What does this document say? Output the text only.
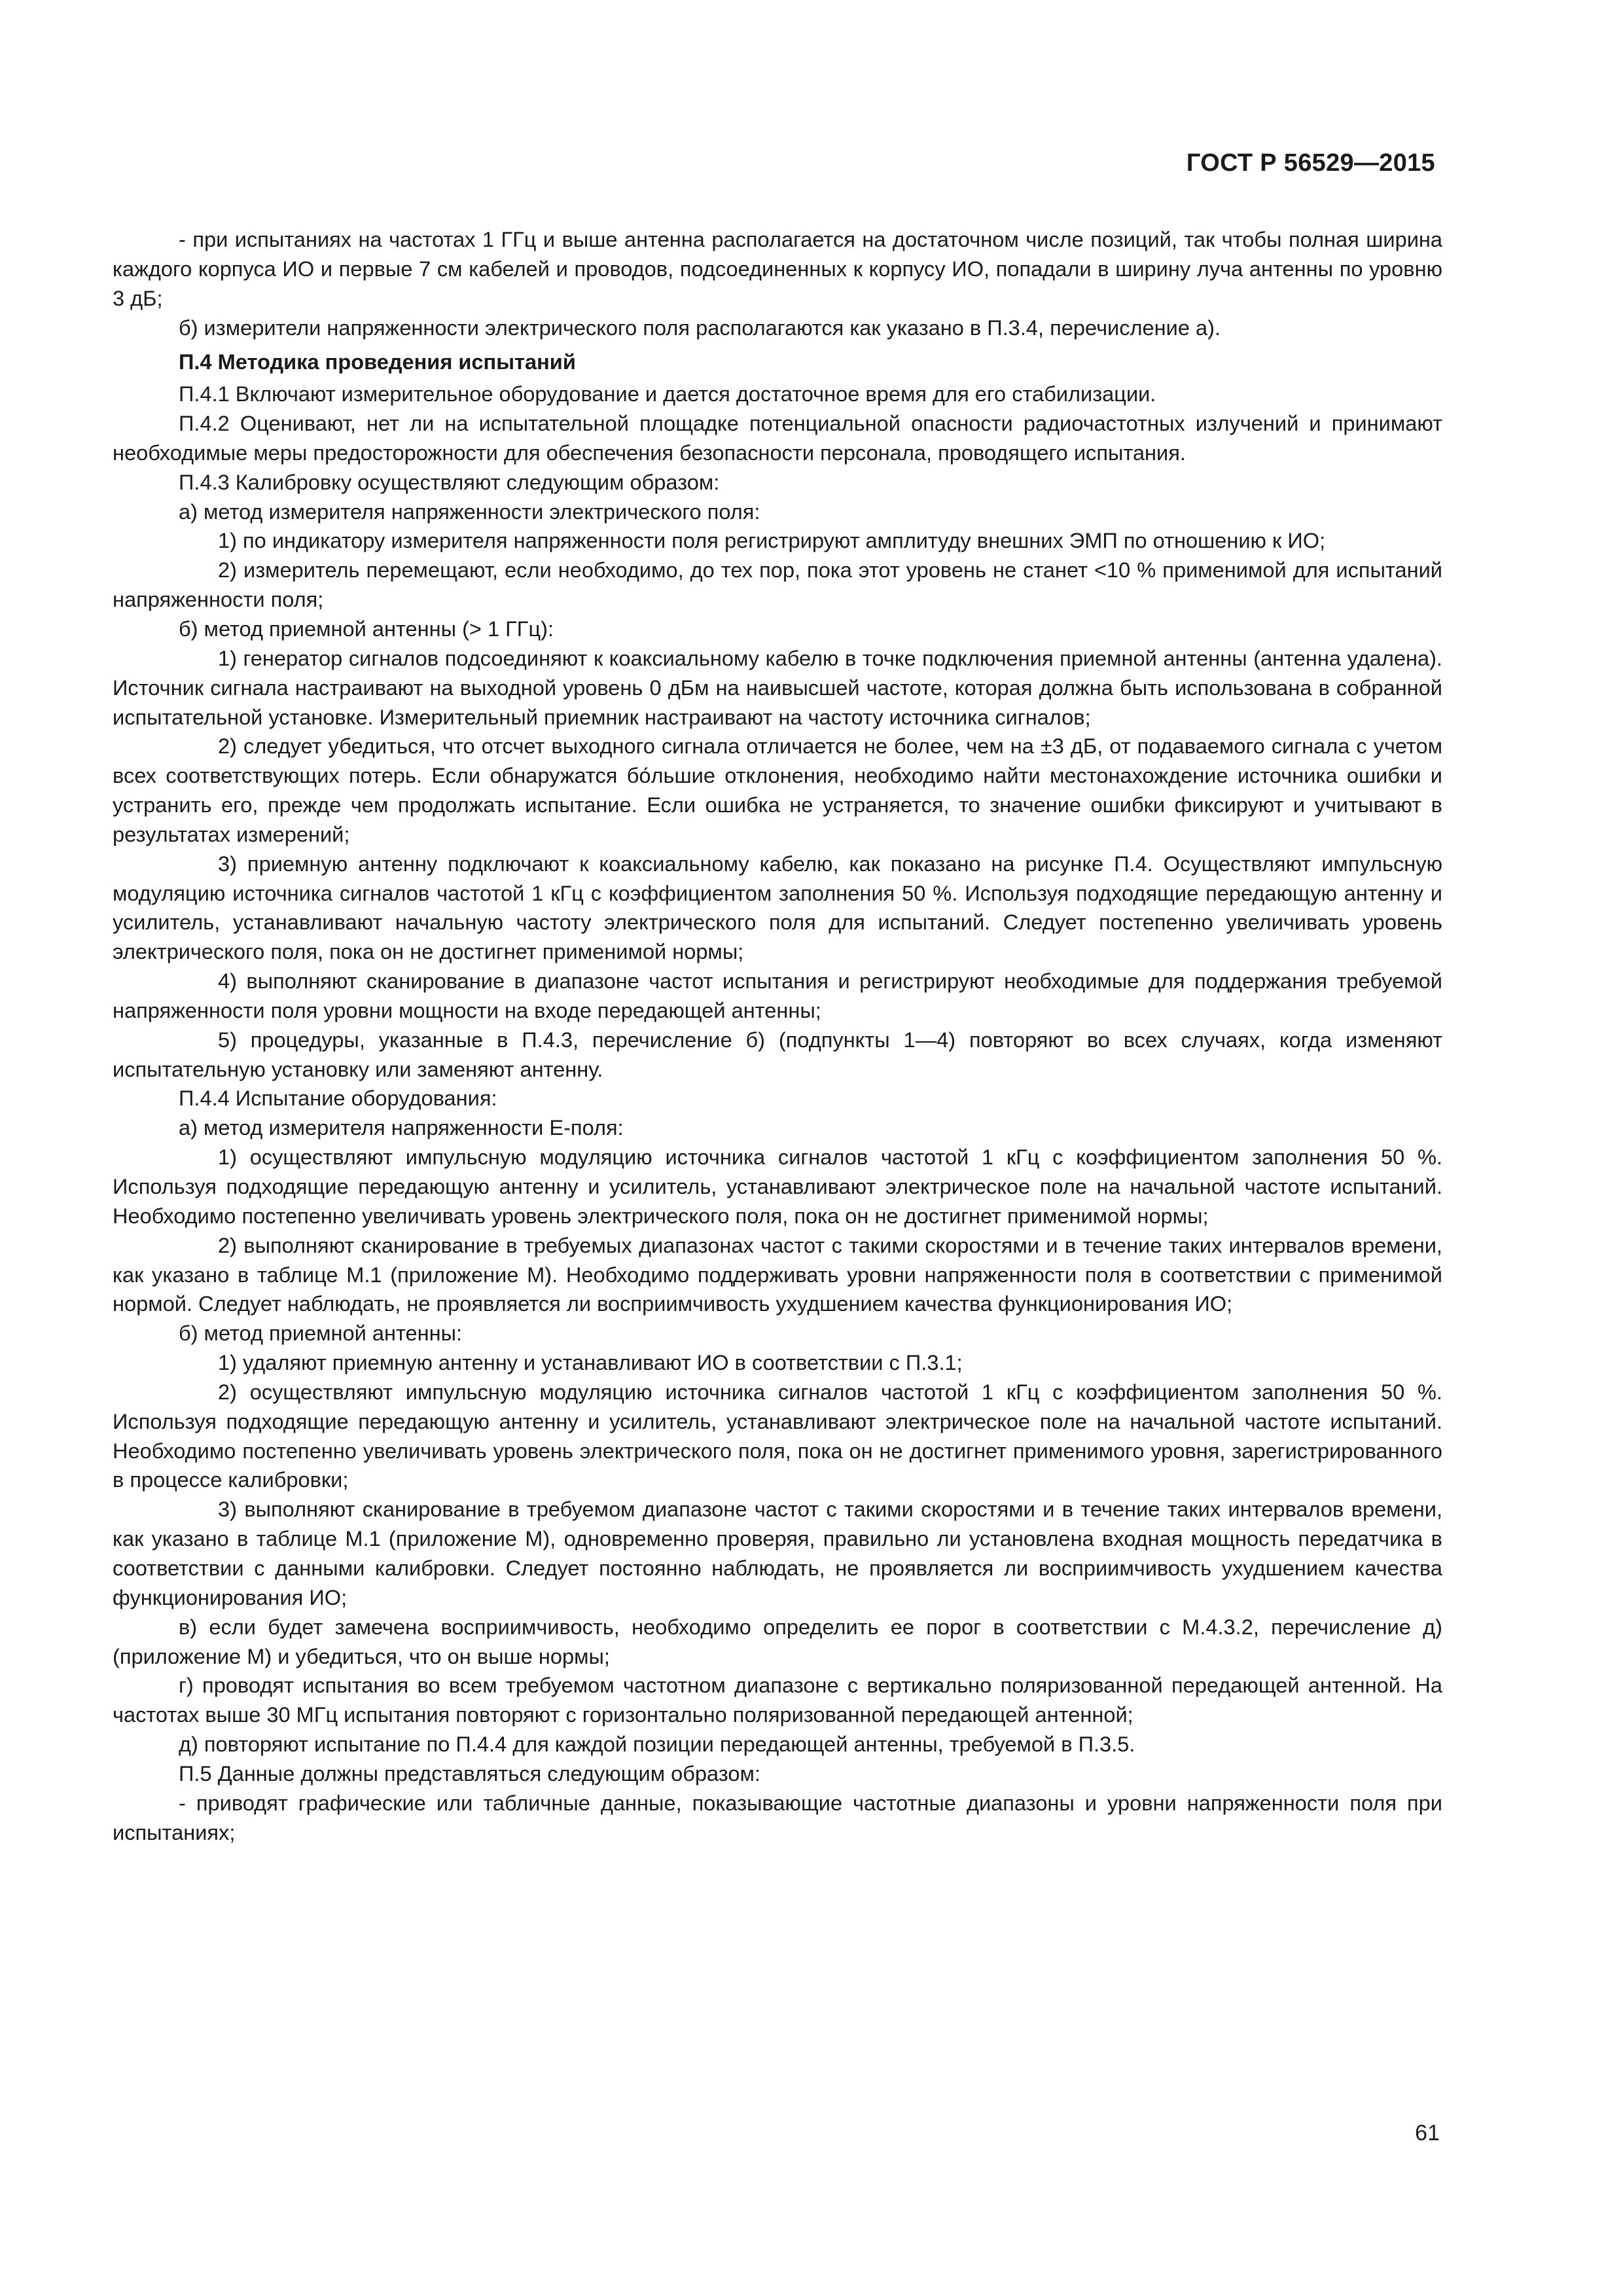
ГОСТ Р 56529—2015

- при испытаниях на частотах 1 ГГц и выше антенна располагается на достаточном числе позиций, так чтобы полная ширина каждого корпуса ИО и первые 7 см кабелей и проводов, подсоединенных к корпусу ИО, попадали в ширину луча антенны по уровню 3 дБ;

б) измерители напряженности электрического поля располагаются как указано в П.3.4, перечисление а).

П.4 Методика проведения испытаний

П.4.1 Включают измерительное оборудование и дается достаточное время для его стабилизации.

П.4.2 Оценивают, нет ли на испытательной площадке потенциальной опасности радиочастотных излучений и принимают необходимые меры предосторожности для обеспечения безопасности персонала, проводящего испытания.

П.4.3 Калибровку осуществляют следующим образом:

а) метод измерителя напряженности электрического поля:

1) по индикатору измерителя напряженности поля регистрируют амплитуду внешних ЭМП по отношению к ИО;

2) измеритель перемещают, если необходимо, до тех пор, пока этот уровень не станет <10 % применимой для испытаний напряженности поля;

б) метод приемной антенны (> 1 ГГц):

1) генератор сигналов подсоединяют к коаксиальному кабелю в точке подключения приемной антенны (антенна удалена). Источник сигнала настраивают на выходной уровень 0 дБм на наивысшей частоте, которая должна быть использована в собранной испытательной установке. Измерительный приемник настраивают на частоту источника сигналов;

2) следует убедиться, что отсчет выходного сигнала отличается не более, чем на ±3 дБ, от подаваемого сигнала с учетом всех соответствующих потерь. Если обнаружатся бо́льшие отклонения, необходимо найти местонахождение источника ошибки и устранить его, прежде чем продолжать испытание. Если ошибка не устраняется, то значение ошибки фиксируют и учитывают в результатах измерений;

3) приемную антенну подключают к коаксиальному кабелю, как показано на рисунке П.4. Осуществляют импульсную модуляцию источника сигналов частотой 1 кГц с коэффициентом заполнения 50 %. Используя подходящие передающую антенну и усилитель, устанавливают начальную частоту электрического поля для испытаний. Следует постепенно увеличивать уровень электрического поля, пока он не достигнет применимой нормы;

4) выполняют сканирование в диапазоне частот испытания и регистрируют необходимые для поддержания требуемой напряженности поля уровни мощности на входе передающей антенны;

5) процедуры, указанные в П.4.3, перечисление б) (подпункты 1—4) повторяют во всех случаях, когда изменяют испытательную установку или заменяют антенну.

П.4.4 Испытание оборудования:

а) метод измерителя напряженности Е-поля:

1) осуществляют импульсную модуляцию источника сигналов частотой 1 кГц с коэффициентом заполнения 50 %. Используя подходящие передающую антенну и усилитель, устанавливают электрическое поле на начальной частоте испытаний. Необходимо постепенно увеличивать уровень электрического поля, пока он не достигнет применимой нормы;

2) выполняют сканирование в требуемых диапазонах частот с такими скоростями и в течение таких интервалов времени, как указано в таблице М.1 (приложение М). Необходимо поддерживать уровни напряженности поля в соответствии с применимой нормой. Следует наблюдать, не проявляется ли восприимчивость ухудшением качества функционирования ИО;

б) метод приемной антенны:

1) удаляют приемную антенну и устанавливают ИО в соответствии с П.3.1;

2) осуществляют импульсную модуляцию источника сигналов частотой 1 кГц с коэффициентом заполнения 50 %. Используя подходящие передающую антенну и усилитель, устанавливают электрическое поле на начальной частоте испытаний. Необходимо постепенно увеличивать уровень электрического поля, пока он не достигнет применимого уровня, зарегистрированного в процессе калибровки;

3) выполняют сканирование в требуемом диапазоне частот с такими скоростями и в течение таких интервалов времени, как указано в таблице М.1 (приложение М), одновременно проверяя, правильно ли установлена входная мощность передатчика в соответствии с данными калибровки. Следует постоянно наблюдать, не проявляется ли восприимчивость ухудшением качества функционирования ИО;

в) если будет замечена восприимчивость, необходимо определить ее порог в соответствии с М.4.3.2, перечисление д) (приложение М) и убедиться, что он выше нормы;

г) проводят испытания во всем требуемом частотном диапазоне с вертикально поляризованной передающей антенной. На частотах выше 30 МГц испытания повторяют с горизонтально поляризованной передающей антенной;

д) повторяют испытание по П.4.4 для каждой позиции передающей антенны, требуемой в П.3.5.

П.5 Данные должны представляться следующим образом:

- приводят графические или табличные данные, показывающие частотные диапазоны и уровни напряженности поля при испытаниях;

61
